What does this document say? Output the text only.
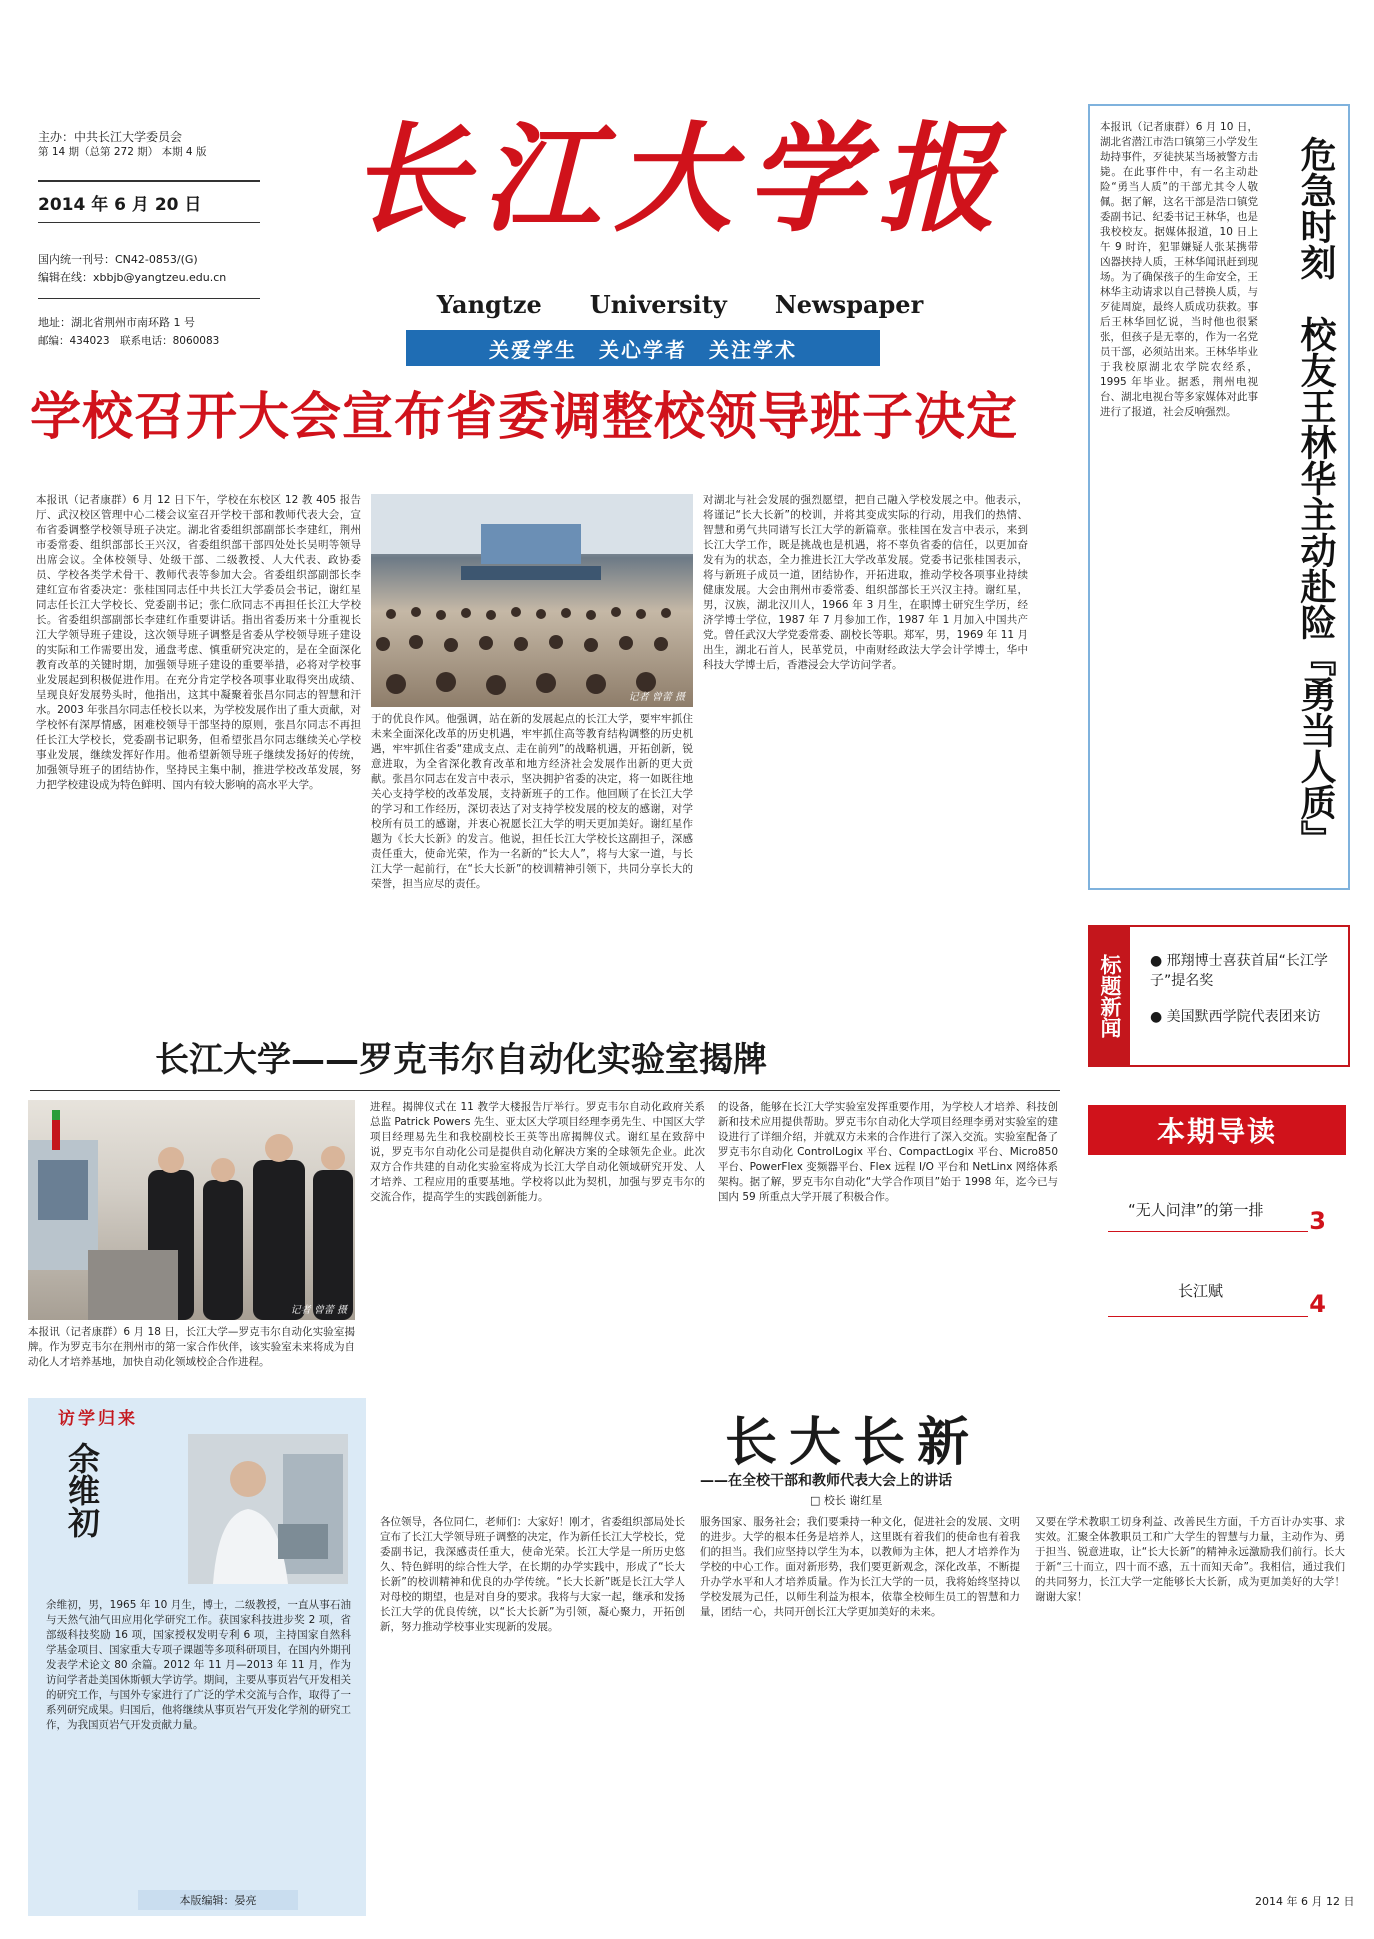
主办：中共长江大学委员会
第 14 期（总第 272 期） 本期 4 版
2014 年 6 月 20 日
国内统一刊号：CN42-0853/(G)
编辑在线：xbbjb@yangtzeu.edu.cn
地址：湖北省荆州市南环路 1 号
邮编：434023　联系电话：8060083
长江大学报
Yangtze　　University　　Newspaper
关爱学生　关心学者　关注学术
学校召开大会宣布省委调整校领导班子决定
本报讯（记者康群）6 月 12 日下午，学校在东校区 12 教 405 报告厅、武汉校区管理中心二楼会议室召开学校干部和教师代表大会，宣布省委调整学校领导班子决定。湖北省委组织部副部长李建红，荆州市委常委、组织部部长王兴汉，省委组织部干部四处处长吴明等领导出席会议。全体校领导、处级干部、二级教授、人大代表、政协委员、学校各类学术骨干、教师代表等参加大会。省委组织部副部长李建红宣布省委决定：张桂国同志任中共长江大学委员会书记，谢红星同志任长江大学校长、党委副书记；张仁欣同志不再担任长江大学校长。省委组织部副部长李建红作重要讲话。指出省委历来十分重视长江大学领导班子建设，这次领导班子调整是省委从学校领导班子建设的实际和工作需要出发，通盘考虑、慎重研究决定的，是在全面深化教育改革的关键时期，加强领导班子建设的重要举措，必将对学校事业发展起到积极促进作用。在充分肯定学校各项事业取得突出成绩、呈现良好发展势头时，他指出，这其中凝聚着张昌尔同志的智慧和汗水。2003 年张昌尔同志任校长以来，为学校发展作出了重大贡献，对学校怀有深厚情感，困难校领导干部坚持的原则，张昌尔同志不再担任长江大学校长，党委副书记职务，但希望张昌尔同志继续关心学校事业发展，继续发挥好作用。他希望新领导班子继续发扬好的传统，加强领导班子的团结协作，坚持民主集中制，推进学校改革发展，努力把学校建设成为特色鲜明、国内有较大影响的高水平大学。
记者 曾蕾 摄
于的优良作风。他强调，站在新的发展起点的长江大学，要牢牢抓住未来全面深化改革的历史机遇，牢牢抓住高等教育结构调整的历史机遇，牢牢抓住省委“建成支点、走在前列”的战略机遇，开拓创新，锐意进取，为全省深化教育改革和地方经济社会发展作出新的更大贡献。张昌尔同志在发言中表示，坚决拥护省委的决定，将一如既往地关心支持学校的改革发展，支持新班子的工作。他回顾了在长江大学的学习和工作经历，深切表达了对支持学校发展的校友的感谢，对学校所有员工的感谢，并衷心祝愿长江大学的明天更加美好。谢红星作题为《长大长新》的发言。他说，担任长江大学校长这副担子，深感责任重大，使命光荣，作为一名新的“长大人”，将与大家一道，与长江大学一起前行，在“长大长新”的校训精神引领下，共同分享长大的荣誉，担当应尽的责任。
对湖北与社会发展的强烈愿望，把自己融入学校发展之中。他表示，将谨记“长大长新”的校训，并将其变成实际的行动，用我们的热情、智慧和勇气共同谱写长江大学的新篇章。张桂国在发言中表示，来到长江大学工作，既是挑战也是机遇，将不辜负省委的信任，以更加奋发有为的状态，全力推进长江大学改革发展。党委书记张桂国表示，将与新班子成员一道，团结协作，开拓进取，推动学校各项事业持续健康发展。大会由荆州市委常委、组织部部长王兴汉主持。谢红星，男，汉族，湖北汉川人，1966 年 3 月生，在职博士研究生学历，经济学博士学位，1987 年 7 月参加工作，1987 年 1 月加入中国共产党。曾任武汉大学党委常委、副校长等职。郑军，男，1969 年 11 月出生，湖北石首人，民革党员，中南财经政法大学会计学博士，华中科技大学博士后，香港浸会大学访问学者。
本报讯（记者康群）6 月 10 日，湖北省潜江市浩口镇第三小学发生劫持事件，歹徒挟某当场被警方击毙。在此事件中，有一名主动赴险“勇当人质”的干部尤其令人敬佩。据了解，这名干部是浩口镇党委副书记、纪委书记王林华，也是我校校友。据媒体报道，10 日上午 9 时许，犯罪嫌疑人张某携带凶器挟持人质，王林华闻讯赶到现场。为了确保孩子的生命安全，王林华主动请求以自己替换人质，与歹徒周旋，最终人质成功获救。事后王林华回忆说，当时他也很紧张，但孩子是无辜的，作为一名党员干部，必须站出来。王林华毕业于我校原湖北农学院农经系，1995 年毕业。据悉，荆州电视台、湖北电视台等多家媒体对此事进行了报道，社会反响强烈。	危急时刻　校友王林华主动赴险『勇当人质』
标题新闻	● 邢翔博士喜获首届“长江学子”提名奖
● 美国默西学院代表团来访
本期导读
“无人问津”的第一排 3
长江赋	4
长江大学——罗克韦尔自动化实验室揭牌
记者 曾蕾 摄
本报讯（记者康群）6 月 18 日，长江大学—罗克韦尔自动化实验室揭牌。作为罗克韦尔在荆州市的第一家合作伙伴，该实验室未来将成为自动化人才培养基地，加快自动化领域校企合作进程。
进程。揭牌仪式在 11 教学大楼报告厅举行。罗克韦尔自动化政府关系总监 Patrick Powers 先生、亚太区大学项目经理李勇先生、中国区大学项目经理易先生和我校副校长王英等出席揭牌仪式。谢红星在致辞中说，罗克韦尔自动化公司是提供自动化解决方案的全球领先企业。此次双方合作共建的自动化实验室将成为长江大学自动化领域研究开发、人才培养、工程应用的重要基地。学校将以此为契机，加强与罗克韦尔的交流合作，提高学生的实践创新能力。
的设备，能够在长江大学实验室发挥重要作用，为学校人才培养、科技创新和技术应用提供帮助。罗克韦尔自动化大学项目经理李勇对实验室的建设进行了详细介绍，并就双方未来的合作进行了深入交流。实验室配备了罗克韦尔自动化 ControlLogix 平台、CompactLogix 平台、Micro850 平台、PowerFlex 变频器平台、Flex 远程 I/O 平台和 NetLinx 网络体系架构。据了解，罗克韦尔自动化“大学合作项目”始于 1998 年，迄今已与国内 59 所重点大学开展了积极合作。
访学归来
余维初
余维初，男，1965 年 10 月生，博士，二级教授，一直从事石油与天然气油气田应用化学研究工作。获国家科技进步奖 2 项，省部级科技奖励 16 项，国家授权发明专利 6 项，主持国家自然科学基金项目、国家重大专项子课题等多项科研项目，在国内外期刊发表学术论文 80 余篇。2012 年 11 月—2013 年 11 月，作为访问学者赴美国休斯顿大学访学。期间，主要从事页岩气开发相关的研究工作，与国外专家进行了广泛的学术交流与合作，取得了一系列研究成果。归国后，他将继续从事页岩气开发化学剂的研究工作，为我国页岩气开发贡献力量。
本版编辑：晏亮
长大长新
——在全校干部和教师代表大会上的讲话
□ 校长 谢红星
各位领导，各位同仁，老师们：大家好！刚才，省委组织部局处长宣布了长江大学领导班子调整的决定，作为新任长江大学校长，党委副书记，我深感责任重大，使命光荣。长江大学是一所历史悠久、特色鲜明的综合性大学，在长期的办学实践中，形成了“长大长新”的校训精神和优良的办学传统。“长大长新”既是长江大学人对母校的期望，也是对自身的要求。我将与大家一起，继承和发扬长江大学的优良传统，以“长大长新”为引领，凝心聚力，开拓创新，努力推动学校事业实现新的发展。
服务国家、服务社会；我们要秉持一种文化，促进社会的发展、文明的进步。大学的根本任务是培养人，这里既有着我们的使命也有着我们的担当。我们应坚持以学生为本，以教师为主体，把人才培养作为学校的中心工作。面对新形势，我们要更新观念，深化改革，不断提升办学水平和人才培养质量。作为长江大学的一员，我将始终坚持以学校发展为己任，以师生利益为根本，依靠全校师生员工的智慧和力量，团结一心，共同开创长江大学更加美好的未来。
又要在学术教职工切身利益、改善民生方面，千方百计办实事、求实效。汇聚全体教职员工和广大学生的智慧与力量，主动作为、勇于担当、锐意进取，让“长大长新”的精神永远激励我们前行。长大于新“三十而立，四十而不惑，五十而知天命”。我相信，通过我们的共同努力，长江大学一定能够长大长新，成为更加美好的大学！谢谢大家！
2014 年 6 月 12 日
